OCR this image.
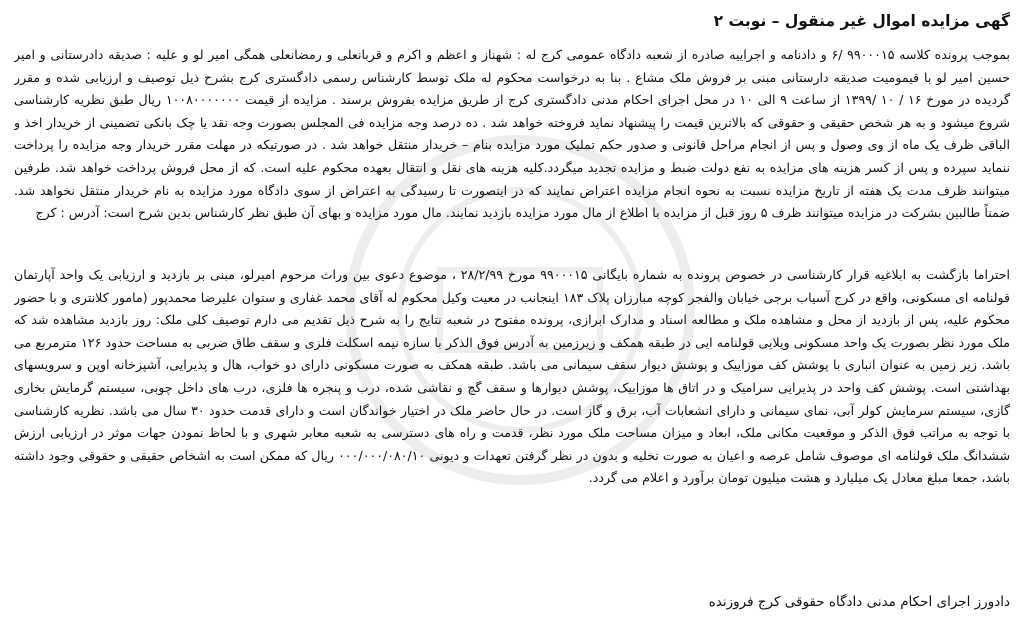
گهی مزایده اموال غیر منقول – نوبت ۲

بموجب پرونده کلاسه ۹۹۰۰۰۱۵ /۶ و دادنامه و اجراییه صادره از شعبه دادگاه عمومی کرج له : شهناز و اعظم و اکرم و قربانعلی و رمضانعلی همگی امیر لو و علیه : صدیقه دادرستانی و امیر حسین امیر لو با قیمومیت صدیقه دارستانی مبنی بر فروش ملک مشاع . بنا به درخواست محکوم له ملک توسط کارشناس رسمی دادگستری کرج بشرح ذیل توصیف و ارزیابی شده و مقرر گردیده در مورخ ۱۶ / ۱۰ /۱۳۹۹ از ساعت ۹ الی ۱۰ در محل اجرای احکام مدنی دادگستری کرج از طریق مزایده بفروش برسند . مزایده از قیمت ۱۰۰۸۰۰۰۰۰۰۰ ریال طبق نظریه کارشناسی شروع میشود و به هر شخص حقیقی و حقوقی که بالاترین قیمت را پیشنهاد نماید فروخته خواهد شد . ده درصد وجه مزایده فی المجلس بصورت وجه نقد یا چک بانکی تضمینی از خریدار اخذ و الباقی ظرف یک ماه از وی وصول و پس از انجام مراحل قانونی و صدور حکم تملیک مورد مزایده بنام – خریدار منتقل خواهد شد . در صورتیکه در مهلت مقرر خریدار وجه مزایده را پرداخت ننماید سپرده و پس از کسر هزینه های مزایده به نفع دولت ضبط و مزایده تجدید میگردد.کلیه هزینه های نقل و انتقال بعهده محکوم علیه است. که از محل فروش پرداخت خواهد شد. طرفین میتوانند ظرف مدت یک هفته از تاریخ مزایده نسبت به نحوه انجام مزایده اعتراض نمایند که در اینصورت تا رسیدگی به اعتراض از سوی دادگاه مورد مزایده به نام خریدار منتقل نخواهد شد. ضمناً طالبین بشرکت در مزایده میتوانند ظرف ۵ روز قبل از مزایده با اطلاع از مال مورد مزایده بازدید نمایند. مال مورد مزایده و بهای آن طبق نظر کارشناس بدین شرح است: آدرس : کرج

احتراما بازگشت به ابلاغیه قرار کارشناسی در خصوص پرونده به شماره بایگانی ۹۹۰۰۰۱۵ مورخ ۲۸/۲/۹۹ ، موضوع دعوی بین وراث مرحوم امیرلو، مبنی بر بازدید و ارزیابی یک واحد آپارتمان قولنامه ای مسکونی، واقع در کرج آسیاب برجی خیابان والفجر کوچه مبارزان پلاک ۱۸۳ اینجانب در معیت وکیل محکوم له آقای محمد غفاری و ستوان علیرضا محمدپور (مامور کلانتری و با حضور محکوم علیه، پس از بازدید از محل و مشاهده ملک و مطالعه اسناد و مدارک ابرازی، پرونده مفتوح در شعبه نتایج را به شرح ذیل تقدیم می دارم توصیف کلی ملک: روز بازدید مشاهده شد که ملک مورد نظر بصورت یک واحد مسکونی ویلایی قولنامه ایی در طبقه همکف و زیرزمین به آدرس فوق الذکر با سازه نیمه اسکلت فلزی و سقف طاق ضربی به مساحت حدود ۱۲۶ مترمربع می باشد. زیر زمین به عنوان انباری با پوشش کف موزاییک و پوشش دیوار سقف سیمانی می باشد. طبقه همکف به صورت مسکونی دارای دو خواب، هال و پذیرایی، آشپزخانه اوپن و سرویسهای بهداشتی است. پوشش کف واحد در پذیرایی سرامیک و در اتاق ها موزاییک، پوشش دیوارها و سقف گچ و نقاشی شده، درب و پنجره ها فلزی، درب های داخل چوبی، سیستم گرمایش بخاری گازی، سیستم سرمایش کولر آبی، نمای سیمانی و دارای انشعابات آب، برق و گاز است. در حال حاضر ملک در اختیار خواندگان است و دارای قدمت حدود ۳۰ سال می باشد. نظریه کارشناسی با توجه به مراتب فوق الذکر و موقعیت مکانی ملک، ابعاد و میزان مساحت ملک مورد نظر، قدمت و راه های دسترسی به شعبه معابر شهری و با لحاظ نمودن جهات موثر در ارزیابی ارزش ششدانگ ملک قولنامه ای موصوف شامل عرصه و اعیان به صورت تخلیه و بدون در نظر گرفتن تعهدات و دیونی ۰۰۰/۰۰۰/۰۸۰/۱۰ ریال که ممکن است به اشخاص حقیقی و حقوقی وجود داشته باشد، جمعا مبلغ معادل یک میلیارد و هشت میلیون تومان برآورد و اعلام می گردد.

دادورز اجرای احکام مدنی دادگاه حقوقی کرج فروزنده
